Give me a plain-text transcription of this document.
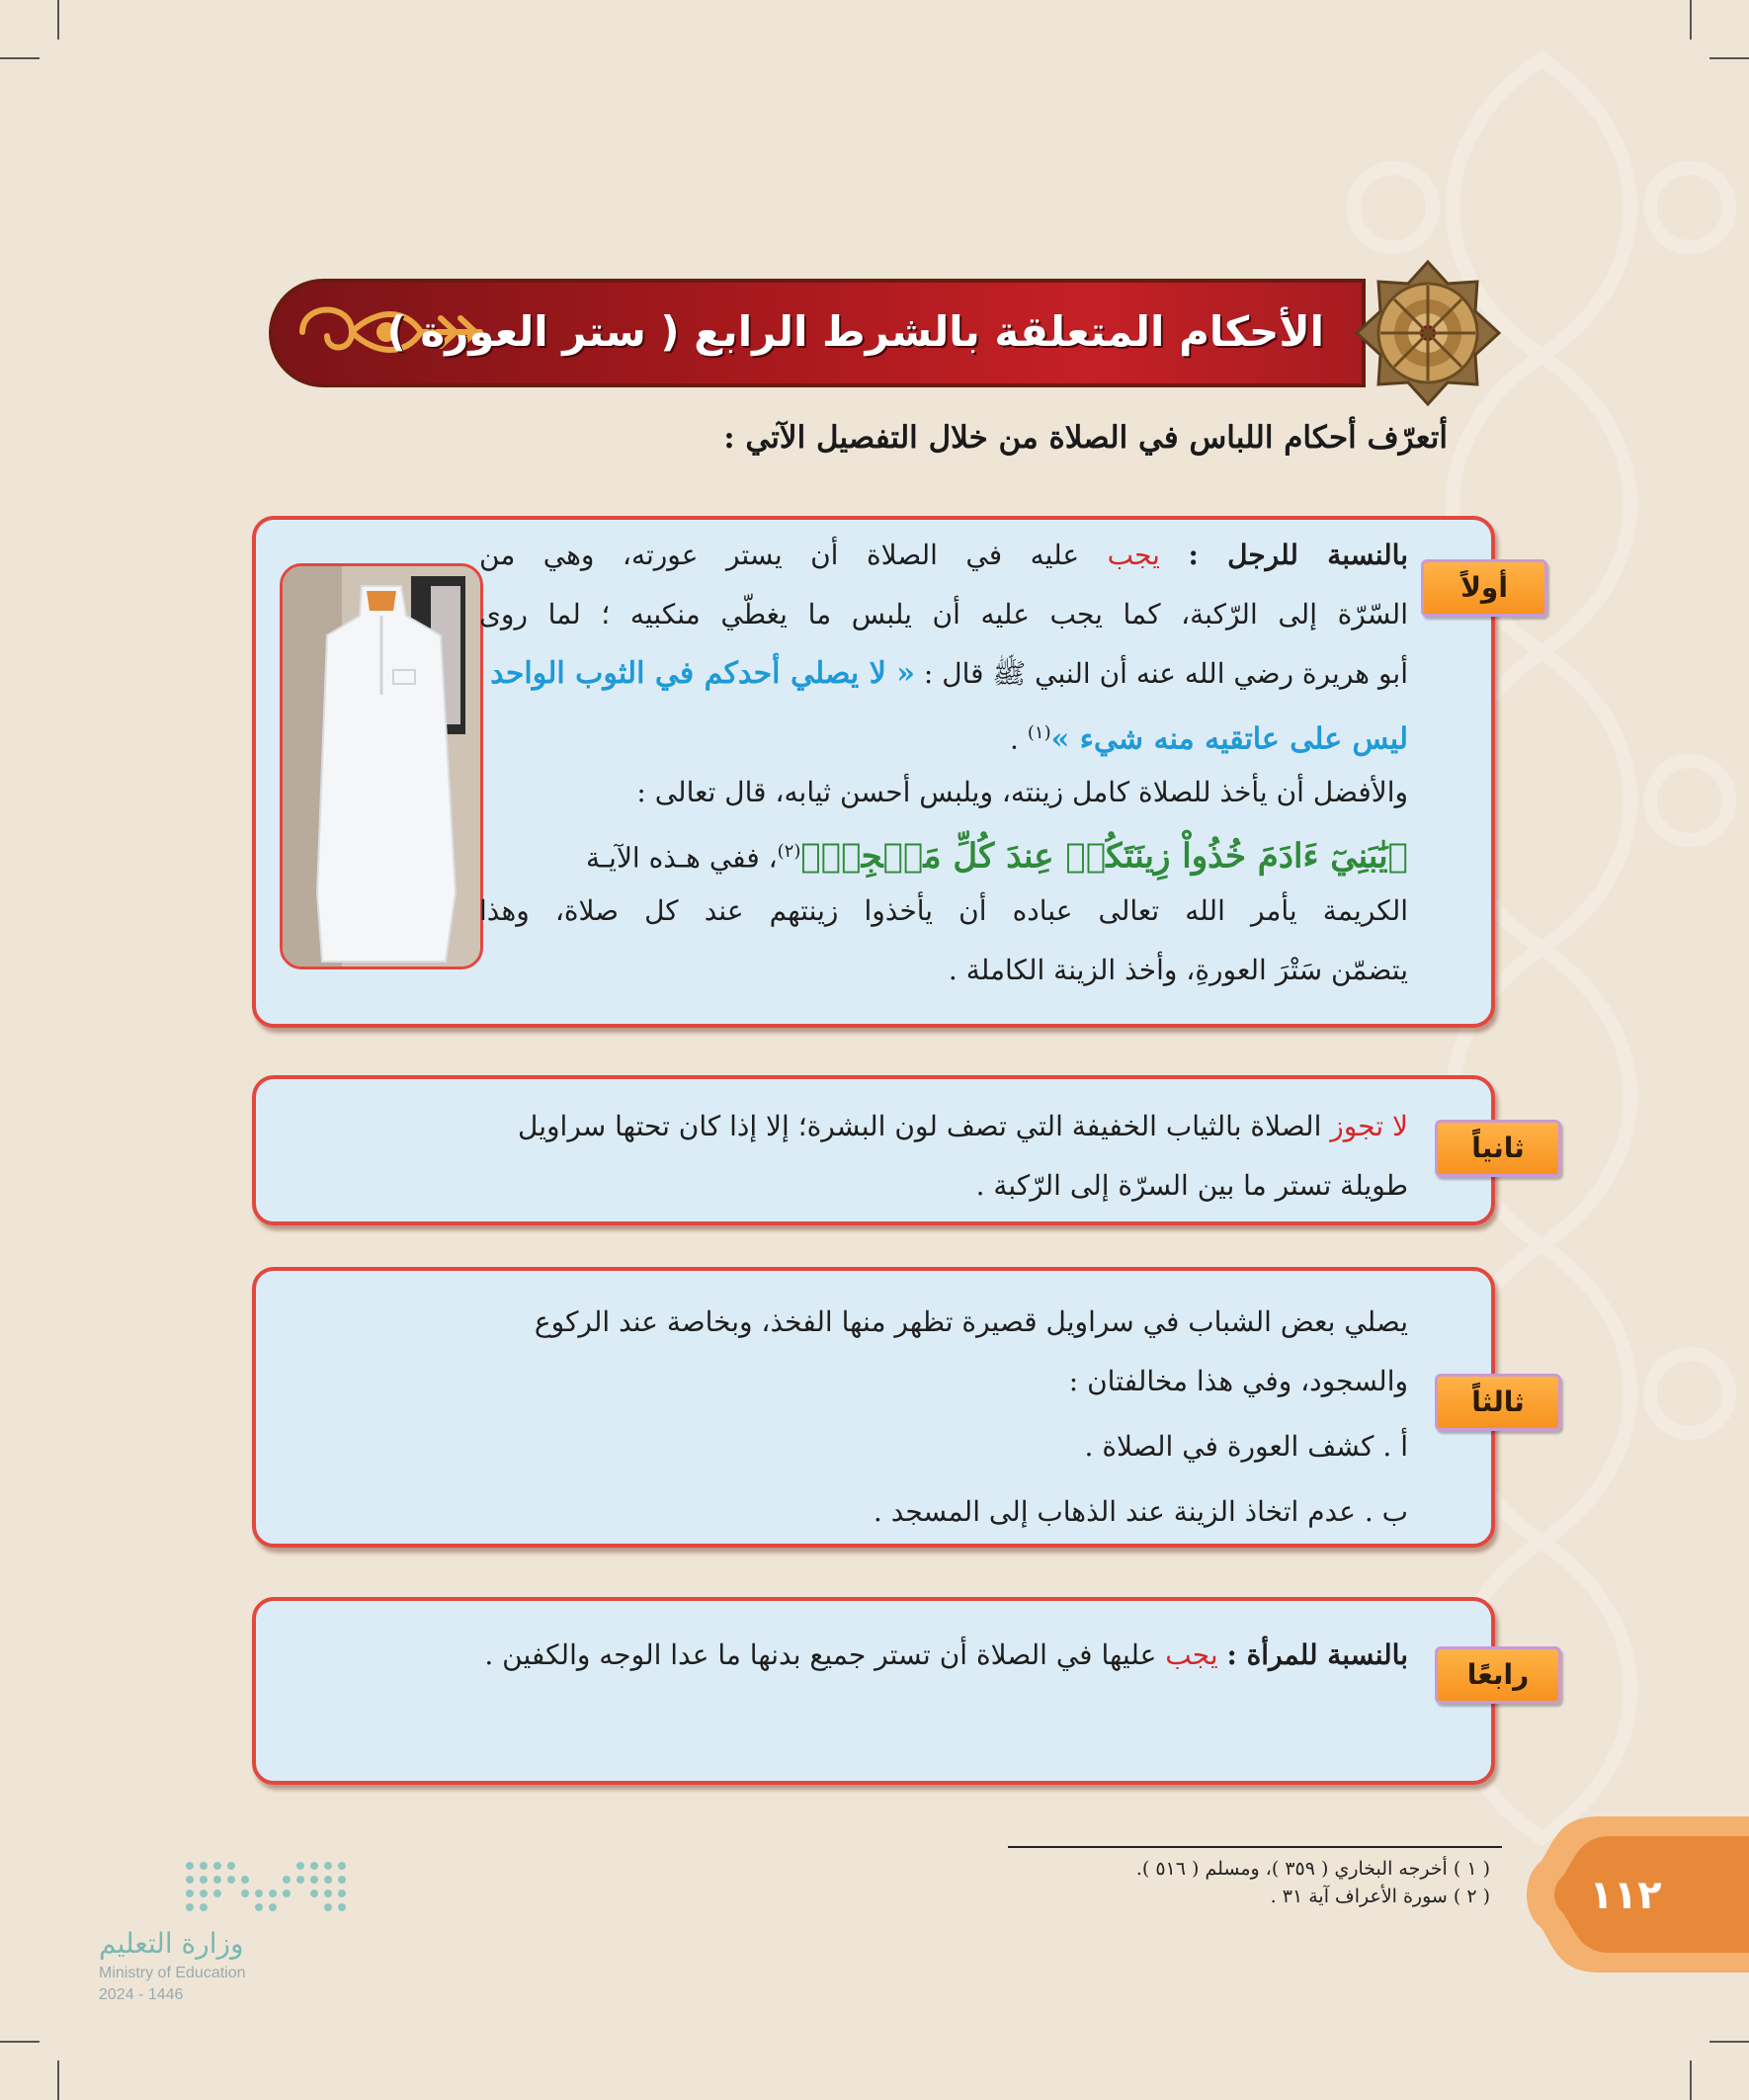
الأحكام المتعلقة بالشرط الرابع ( ستر العورة )
أتعرّف أحكام اللباس في الصلاة من خلال التفصيل الآتي :
أولاً
بالنسبة للرجل : يجب عليه في الصلاة أن يستر عورته، وهي من
السّرّة إلى الرّكبة، كما يجب عليه أن يلبس ما يغطّي منكبيه ؛ لما روى
أبو هريرة رضي الله عنه أن النبي ﷺ قال : « لا يصلي أحدكم في الثوب الواحد
ليس على عاتقيه منه شيء »$^{(١)}$ .
والأفضل أن يأخذ للصلاة كامل زينته، ويلبس أحسن ثيابه، قال تعالى :
﴿يَٰبَنِيٓ ءَادَمَ خُذُواْ زِينَتَكُمۡ عِندَ كُلِّ مَسۡجِدٖ﴾$^{(٢)}$، ففي هـذه الآيـة
الكريمة يأمر الله تعالى عباده أن يأخذوا زينتهم عند كل صلاة، وهذا
يتضمّن سَتْرَ العورةِ، وأخذ الزينة الكاملة .
ثانياً
لا تجوز الصلاة بالثياب الخفيفة التي تصف لون البشرة؛ إلا إذا كان تحتها سراويل
طويلة تستر ما بين السرّة إلى الرّكبة .
ثالثاً
يصلي بعض الشباب في سراويل قصيرة تظهر منها الفخذ، وبخاصة عند الركوع
والسجود، وفي هذا مخالفتان :
أ . كشف العورة في الصلاة .
ب . عدم اتخاذ الزينة عند الذهاب إلى المسجد .
رابعًا
بالنسبة للمرأة : يجب عليها في الصلاة أن تستر جميع بدنها ما عدا الوجه والكفين .
( ١ ) أخرجه البخاري ( ٣٥٩ )، ومسلم ( ٥١٦ ).
( ٢ ) سورة الأعراف آية ٣١ .	١١٢
وزارة التعليم
Ministry of Education
2024 - 1446
